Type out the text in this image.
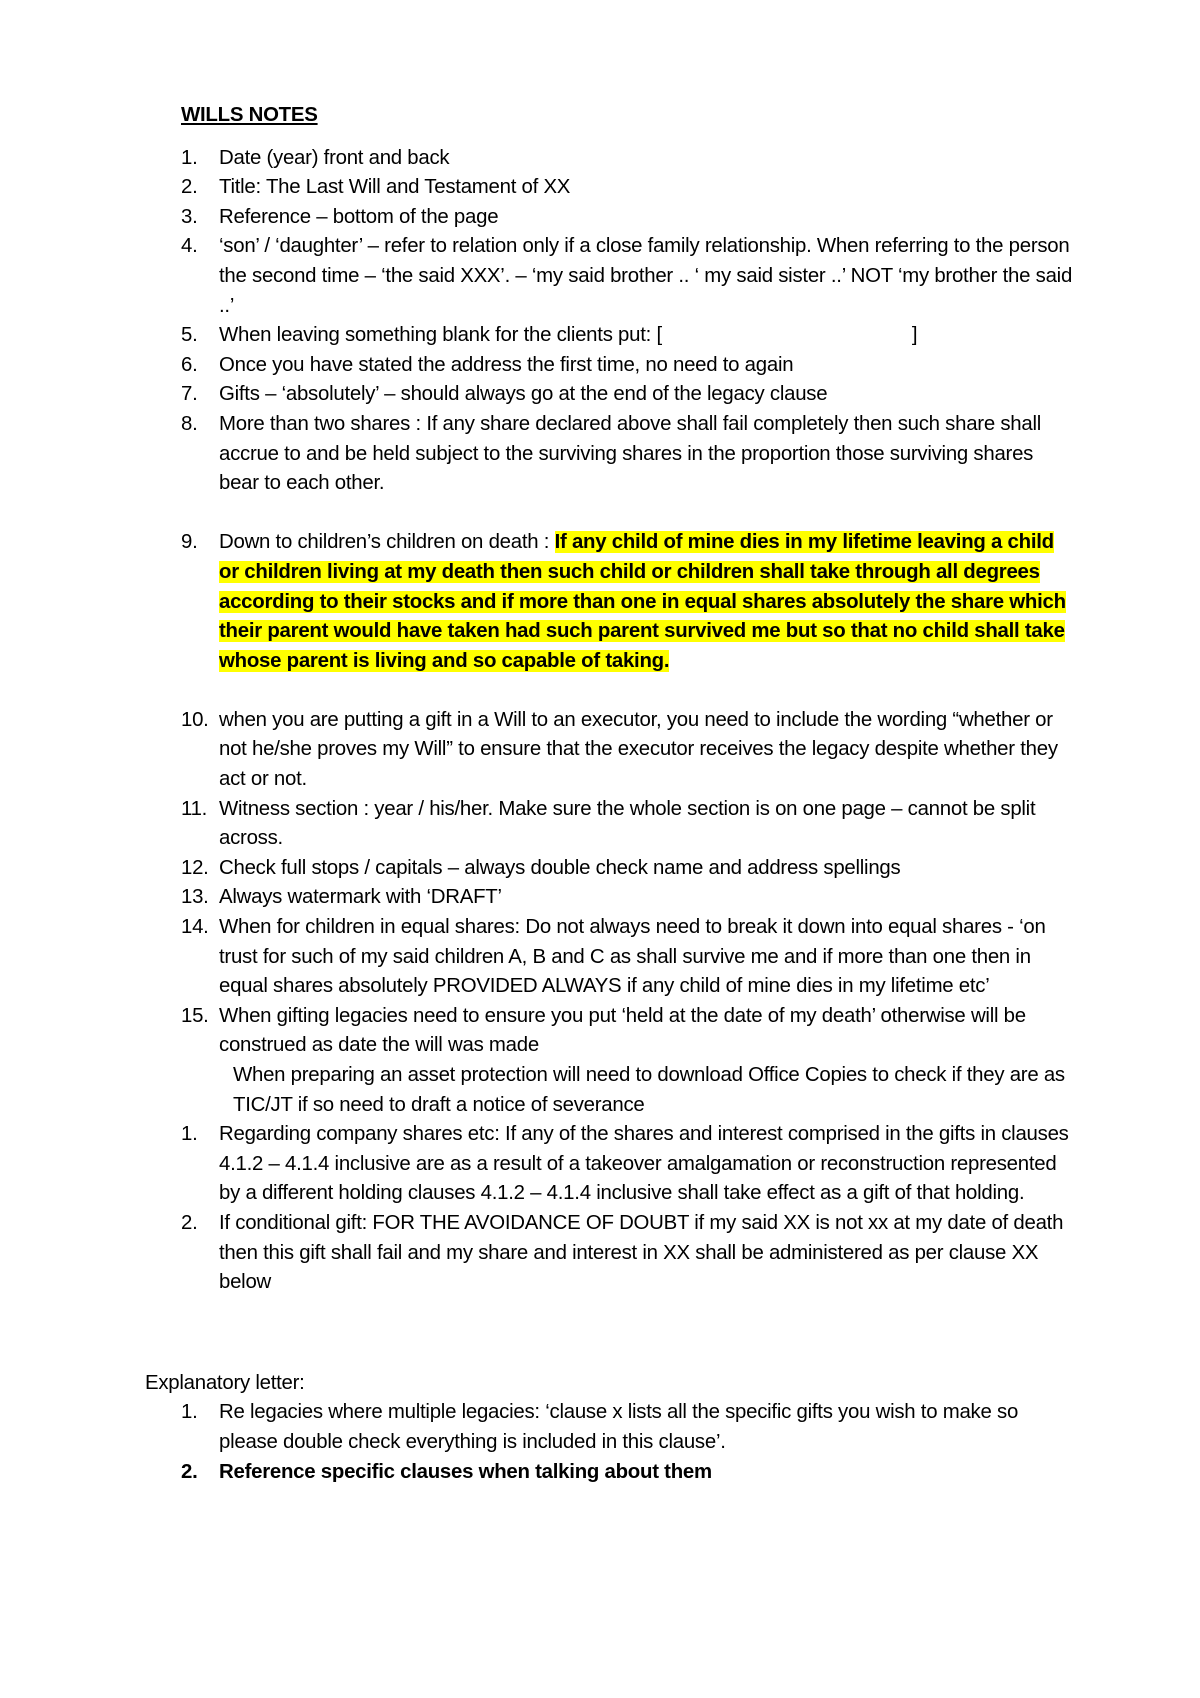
WILLS NOTES
1. Date (year) front and back
2. Title: The Last Will and Testament of XX
3. Reference – bottom of the page
4. ‘son’ / ‘daughter’ – refer to relation only if a close family relationship. When referring to the person the second time – ‘the said XXX’. – ‘my said brother .. ‘ my said sister ..’ NOT ‘my brother the said ..’
5. When leaving something blank for the clients put: [	]
6. Once you have stated the address the first time, no need to again
7. Gifts – ‘absolutely’ – should always go at the end of the legacy clause
8. More than two shares : If any share declared above shall fail completely then such share shall accrue to and be held subject to the surviving shares in the proportion those surviving shares bear to each other.
9. Down to children’s children on death : If any child of mine dies in my lifetime leaving a child or children living at my death then such child or children shall take through all degrees according to their stocks and if more than one in equal shares absolutely the share which their parent would have taken had such parent survived me but so that no child shall take whose parent is living and so capable of taking.
10. when you are putting a gift in a Will to an executor, you need to include the wording “whether or not he/she proves my Will” to ensure that the executor receives the legacy despite whether they act or not.
11. Witness section : year / his/her. Make sure the whole section is on one page – cannot be split across.
12. Check full stops / capitals – always double check name and address spellings
13. Always watermark with ‘DRAFT’
14. When for children in equal shares: Do not always need to break it down into equal shares - ‘on trust for such of my said children A, B and C as shall survive me and if more than one then in equal shares absolutely PROVIDED ALWAYS if any child of mine dies in my lifetime etc’
15. When gifting legacies need to ensure you put ‘held at the date of my death’ otherwise will be construed as date the will was made
When preparing an asset protection will need to download Office Copies to check if they are as TIC/JT if so need to draft a notice of severance
1. Regarding company shares etc: If any of the shares and interest comprised in the gifts in clauses 4.1.2 – 4.1.4 inclusive are as a result of a takeover amalgamation or reconstruction represented by a different holding clauses 4.1.2 – 4.1.4 inclusive shall take effect as a gift of that holding.
2. If conditional gift: FOR THE AVOIDANCE OF DOUBT if my said XX is not xx at my date of death then this gift shall fail and my share and interest in XX shall be administered as per clause XX below
Explanatory letter:
1. Re legacies where multiple legacies: ‘clause x lists all the specific gifts you wish to make so please double check everything is included in this clause’.
2. Reference specific clauses when talking about them
